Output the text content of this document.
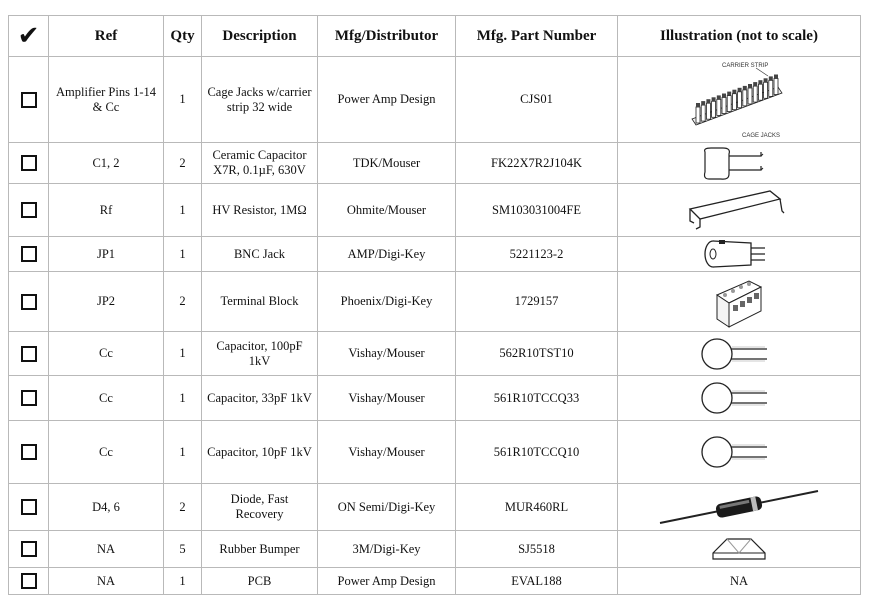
✔	Ref	Qty	Description	Mfg/Distributor	Mfg. Part Number	Illustration (not to scale)
	Amplifier Pins 1-14 & Cc	1	Cage Jacks w/carrier strip 32 wide	Power Amp Design	CJS01	CARRIER STRIP
CAGE JACKS

	C1, 2	2	Ceramic Capacitor X7R, 0.1µF, 630V	TDK/Mouser	FK22X7R2J104K	

	Rf	1	HV Resistor, 1MΩ	Ohmite/Mouser	SM103031004FE	

	JP1	1	BNC Jack	AMP/Digi-Key	5221123-2	

	JP2	2	Terminal Block	Phoenix/Digi-Key	1729157	

	Cc	1	Capacitor, 100pF 1kV	Vishay/Mouser	562R10TST10	

	Cc	1	Capacitor, 33pF 1kV	Vishay/Mouser	561R10TCCQ33	

	Cc	1	Capacitor, 10pF 1kV	Vishay/Mouser	561R10TCCQ10	

	D4, 6	2	Diode, Fast Recovery	ON Semi/Digi-Key	MUR460RL	

	NA	5	Rubber Bumper	3M/Digi-Key	SJ5518	

	NA	1	PCB	Power Amp Design	EVAL188	NA
